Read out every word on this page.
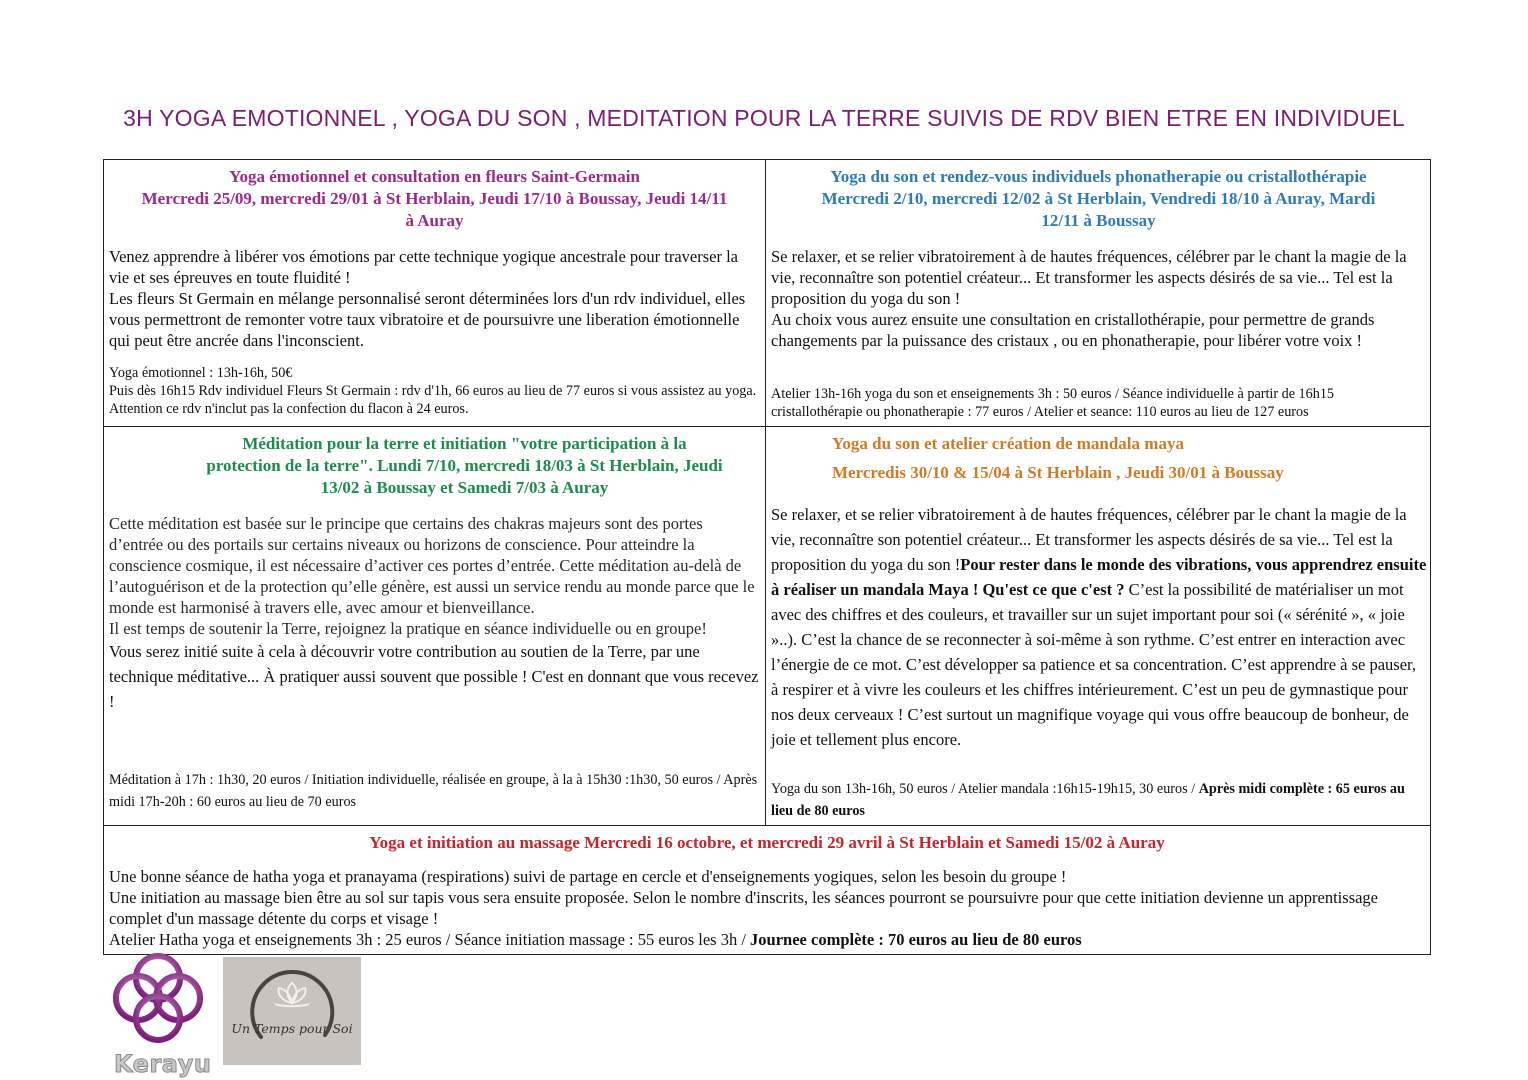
3H YOGA EMOTIONNEL , YOGA DU SON , MEDITATION POUR LA TERRE SUIVIS DE RDV BIEN ETRE EN INDIVIDUEL
Yoga émotionnel et consultation en fleurs Saint-Germain
Mercredi 25/09, mercredi 29/01 à St Herblain, Jeudi 17/10 à Boussay, Jeudi 14/11
à Auray

Venez apprendre à libérer vos émotions par cette technique yogique ancestrale pour traverser la vie et ses épreuves en toute fluidité !

Les fleurs St Germain en mélange personnalisé seront déterminées lors d'un rdv individuel, elles vous permettront de remonter votre taux vibratoire et de poursuivre une liberation émotionnelle qui peut être ancrée dans l'inconscient.

Yoga émotionnel : 13h-16h, 50€

Puis dès 16h15 Rdv individuel Fleurs St Germain : rdv d'1h, 66 euros au lieu de 77 euros si vous assistez au yoga. Attention ce rdv n'inclut pas la confection du flacon à 24 euros.

Yoga du son et rendez-vous individuels phonatherapie ou cristallothérapie
Mercredi 2/10, mercredi 12/02 à St Herblain, Vendredi 18/10 à Auray, Mardi
12/11 à Boussay

Se relaxer, et se relier vibratoirement à de hautes fréquences, célébrer par le chant la magie de la vie, reconnaître son potentiel créateur... Et transformer les aspects désirés de sa vie... Tel est la proposition du yoga du son !

Au choix vous aurez ensuite une consultation en cristallothérapie, pour permettre de grands changements par la puissance des cristaux , ou en phonatherapie, pour libérer votre voix !

Atelier 13h-16h yoga du son et enseignements 3h : 50 euros / Séance individuelle à partir de 16h15 cristallothérapie ou phonatherapie : 77 euros / Atelier et seance: 110 euros au lieu de 127 euros

Méditation pour la terre et initiation "votre participation à la
protection de la terre". Lundi 7/10, mercredi 18/03 à St Herblain, Jeudi
13/02 à Boussay et Samedi 7/03 à Auray

Cette méditation est basée sur le principe que certains des chakras majeurs sont des portes d’entrée ou des portails sur certains niveaux ou horizons de conscience. Pour atteindre la conscience cosmique, il est nécessaire d’activer ces portes d’entrée. Cette méditation au-delà de l’autoguérison et de la protection qu’elle génère, est aussi un service rendu au monde parce que le monde est harmonisé à travers elle, avec amour et bienveillance.

Il est temps de soutenir la Terre, rejoignez la pratique en séance individuelle ou en groupe!

Vous serez initié suite à cela à découvrir votre contribution au soutien de la Terre, par une technique méditative... À pratiquer aussi souvent que possible ! C'est en donnant que vous recevez !

Méditation à 17h : 1h30, 20 euros / Initiation individuelle, réalisée en groupe, à la à 15h30 :1h30, 50 euros / Après midi 17h-20h : 60 euros au lieu de 70 euros

Yoga du son et atelier création de mandala maya
Mercredis 30/10 & 15/04 à St Herblain , Jeudi 30/01 à Boussay
Se relaxer, et se relier vibratoirement à de hautes fréquences, célébrer par le chant la magie de la vie, reconnaître son potentiel créateur... Et transformer les aspects désirés de sa vie... Tel est la proposition du yoga du son !Pour rester dans le monde des vibrations, vous apprendrez ensuite à réaliser un mandala Maya ! Qu'est ce que c'est ? C’est la possibilité de matérialiser un mot avec des chiffres et des couleurs, et travailler sur un sujet important pour soi (« sérénité », « joie »..). C’est la chance de se reconnecter à soi-même à son rythme. C’est entrer en interaction avec l’énergie de ce mot. C’est développer sa patience et sa concentration. C’est apprendre à se pauser, à respirer et à vivre les couleurs et les chiffres intérieurement. C’est un peu de gymnastique pour nos deux cerveaux ! C’est surtout un magnifique voyage qui vous offre beaucoup de bonheur, de joie et tellement plus encore.
Yoga du son 13h-16h, 50 euros / Atelier mandala :16h15-19h15, 30 euros / Après midi complète : 65 euros au lieu de 80 euros
Yoga et initiation au massage Mercredi 16 octobre, et mercredi 29 avril à St Herblain et Samedi 15/02 à Auray

Une bonne séance de hatha yoga et pranayama (respirations) suivi de partage en cercle et d'enseignements yogiques, selon les besoin du groupe !

Une initiation au massage bien être au sol sur tapis vous sera ensuite proposée. Selon le nombre d'inscrits, les séances pourront se poursuivre pour que cette initiation devienne un apprentissage complet d'un massage détente du corps et visage !

Atelier Hatha yoga et enseignements 3h : 25 euros / Séance initiation massage : 55 euros les 3h / Journee complète : 70 euros au lieu de 80 euros

Kerayu
Un Temps pour Soi
